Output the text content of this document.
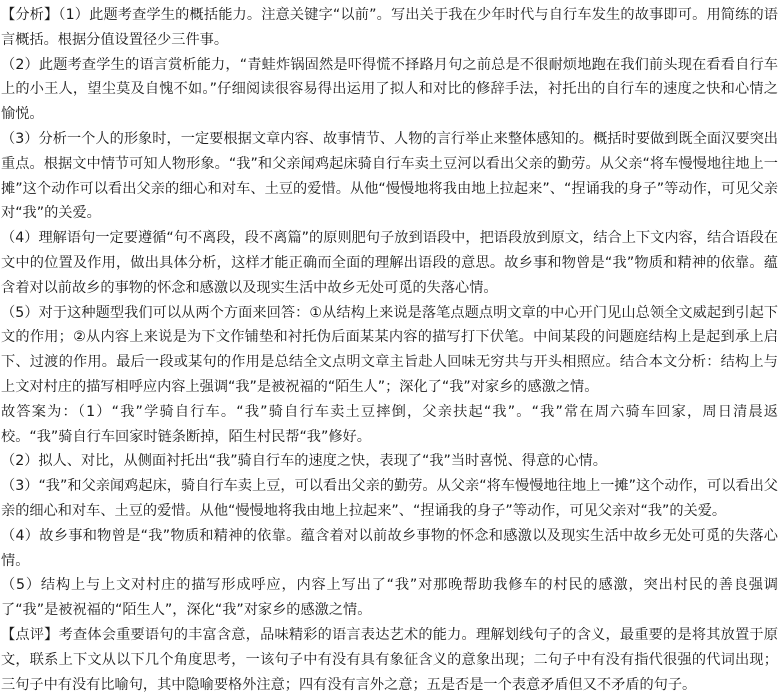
【分析】（1）此题考查学生的概括能力。注意关键字“以前”。写出关于我在少年时代与自行车发生的故事即可。用简练的语言概括。根据分值设置径少三件事。

（2）此题考查学生的语言赏析能力，“青蛙炸锅固然是吓得慌不择路月句之前总是不很耐烦地跑在我们前头现在看看自行车上的小王人，望尘莫及自愧不如。”仔细阅读很容易得出运用了拟人和对比的修辞手法，衬托出的自行车的速度之快和心情之愉悦。

（3）分析一个人的形象时，一定要根据文章内容、故事情节、人物的言行举止来整体感知的。概括时要做到既全面汉要突出重点。根据文中情节可知人物形象。“我”和父亲闻鸡起床骑自行车卖土豆河以看出父亲的勤劳。从父亲“将车慢慢地往地上一摊”这个动作可以看出父亲的细心和对车、土豆的爱惜。从他“慢慢地将我由地上拉起来”、“捏诵我的身子”等动作，可见父亲对“我”的关爱。

（4）理解语句一定要遵循“句不离段，段不离篇”的原则肥句子放到语段中，把语段放到原文，结合上下文内容，结合语段在文中的位置及作用，做出具体分析，这样才能正确而全面的理解出语段的意思。故乡事和物曾是“我”物质和精神的依靠。蕴含着对以前故乡的事物的怀念和感激以及现实生活中故乡无处可觅的失落心情。

（5）对于这种题型我们可以从两个方面来回答：①从结构上来说是落笔点题点明文章的中心开门见山总领全文威起到引起下文的作用；②从内容上来说是为下文作铺垫和衬托伪后面某某内容的描写打下伏笔。中间某段的问题庭结构上是起到承上启下、过渡的作用。最后一段或某句的作用是总结全文点明文章主旨赴人回味无穷共与开头相照应。结合本文分析：结构上与上文对村庄的描写相呼应内容上强调“我”是被祝福的“陌生人”；深化了“我”对家乡的感激之情。

故答案为：（1）“我”学骑自行车。“我”骑自行车卖土豆摔倒，父亲扶起“我”。“我”常在周六骑车回家，周日清晨返校。“我”骑自行车回家时链条断掉，陌生村民帮“我”修好。

（2）拟人、对比，从侧面衬托出“我”骑自行车的速度之快，表现了“我”当时喜悦、得意的心情。

（3）“我”和父亲闻鸡起床，骑自行车卖上豆，可以看出父亲的勤劳。从父亲“将车慢慢地往地上一摊”这个动作，可以看出父亲的细心和对车、土豆的爱惜。从他“慢慢地将我由地上拉起来”、“捏诵我的身子”等动作，可见父亲对“我”的关爱。

（4）故乡事和物曾是“我”物质和精神的依靠。蕴含着对以前故乡事物的怀念和感激以及现实生活中故乡无处可觅的失落心情。

（5）结构上与上文对村庄的描写形成呼应，内容上写出了“我”对那晚帮助我修车的村民的感激，突出村民的善良强调了“我”是被祝福的“陌生人”，深化“我”对家乡的感激之情。

【点评】考查体会重要语句的丰富含意，品味精彩的语言表达艺术的能力。理解划线句子的含义，最重要的是将其放置于原文，联系上下文从以下几个角度思考，一该句子中有没有具有象征含义的意象出现；二句子中有没有指代很强的代词出现；三句子中有没有比喻句，其中隐喻要格外注意；四有没有言外之意；五是否是一个表意矛盾但又不矛盾的句子。
